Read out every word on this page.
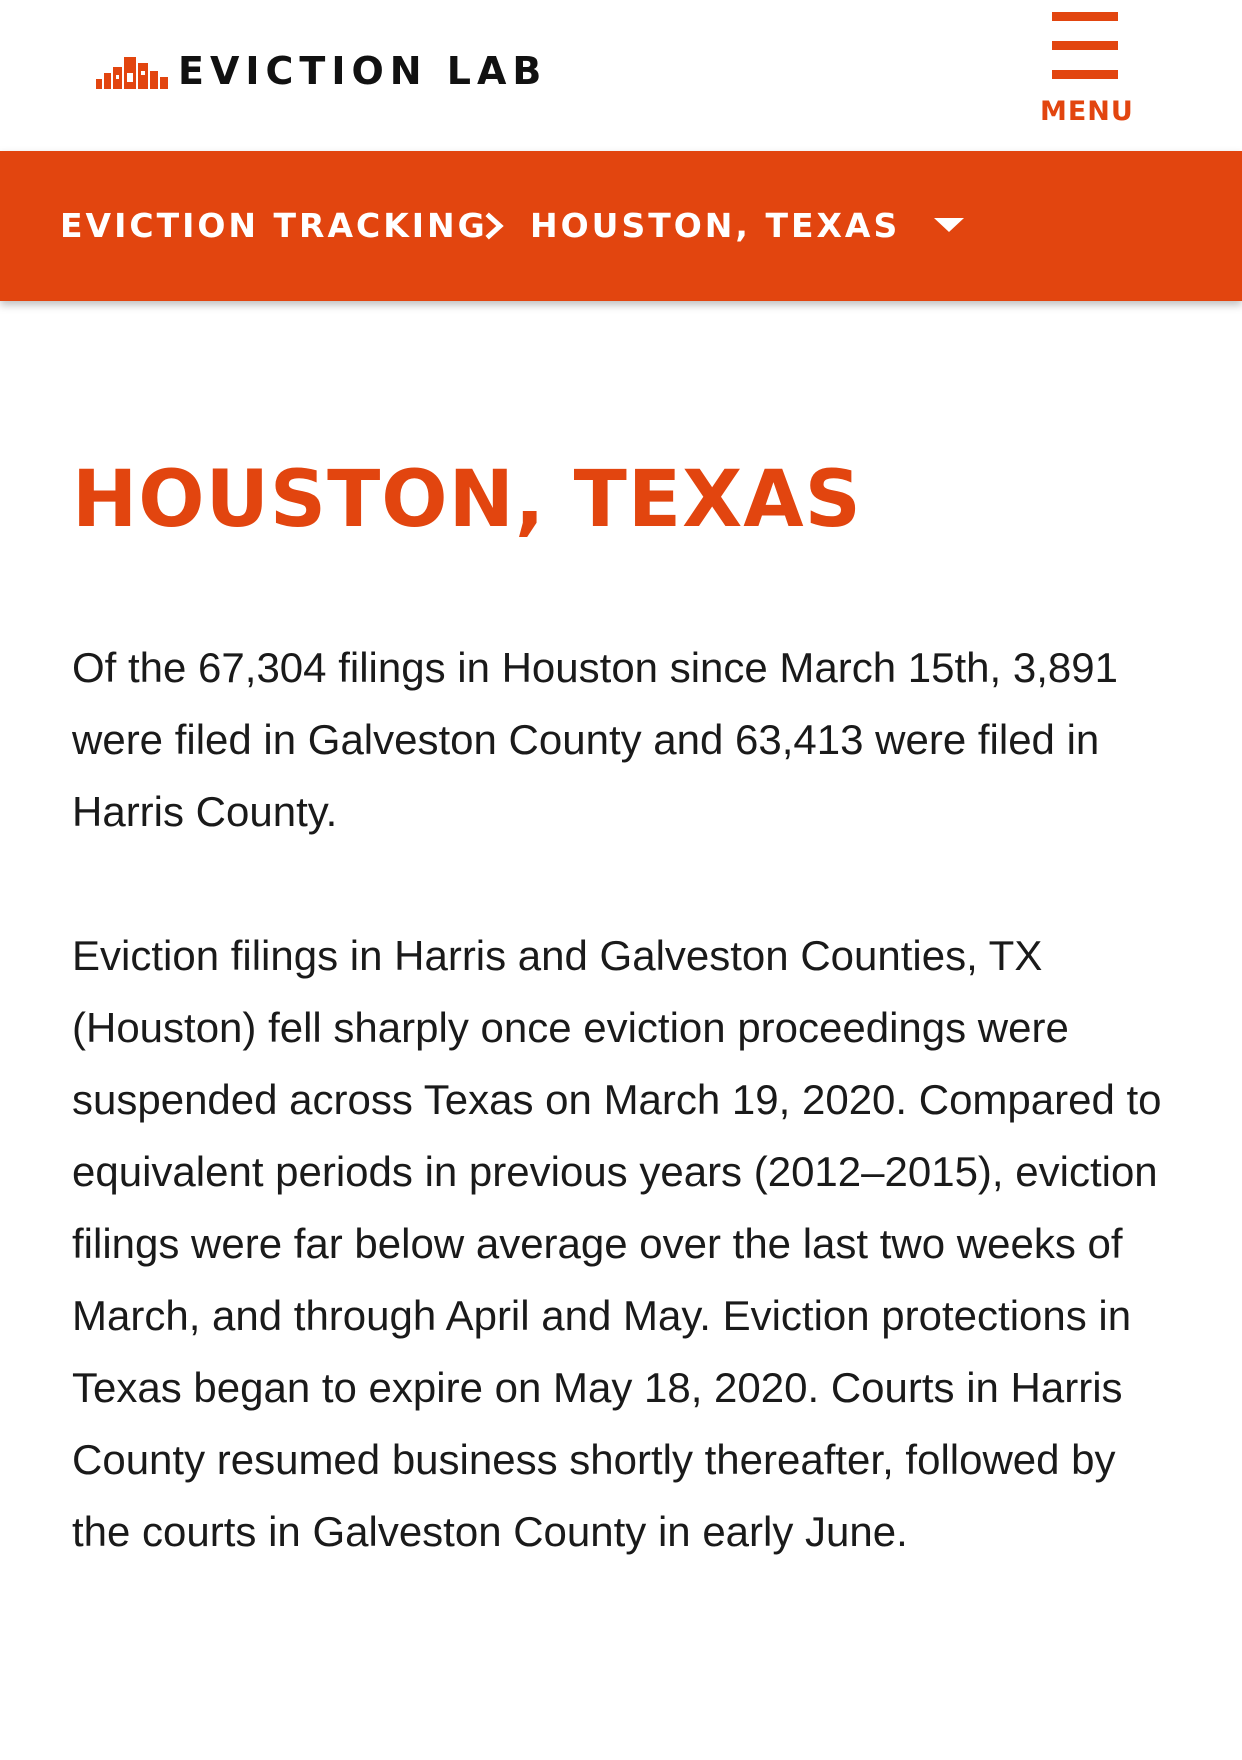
EVICTION LAB
MENU
EVICTION TRACKING HOUSTON, TEXAS
HOUSTON, TEXAS

Of the 67,304 filings in Houston since March 15th, 3,891 were filed in Galveston County and 63,413 were filed in Harris County.

Eviction filings in Harris and Galveston Counties, TX (Houston) fell sharply once eviction proceedings were suspended across Texas on March 19, 2020. Compared to equivalent periods in previous years (2012–2015), eviction filings were far below average over the last two weeks of March, and through April and May. Eviction protections in Texas began to expire on May 18, 2020. Courts in Harris County resumed business shortly thereafter, followed by the courts in Galveston County in early June.
